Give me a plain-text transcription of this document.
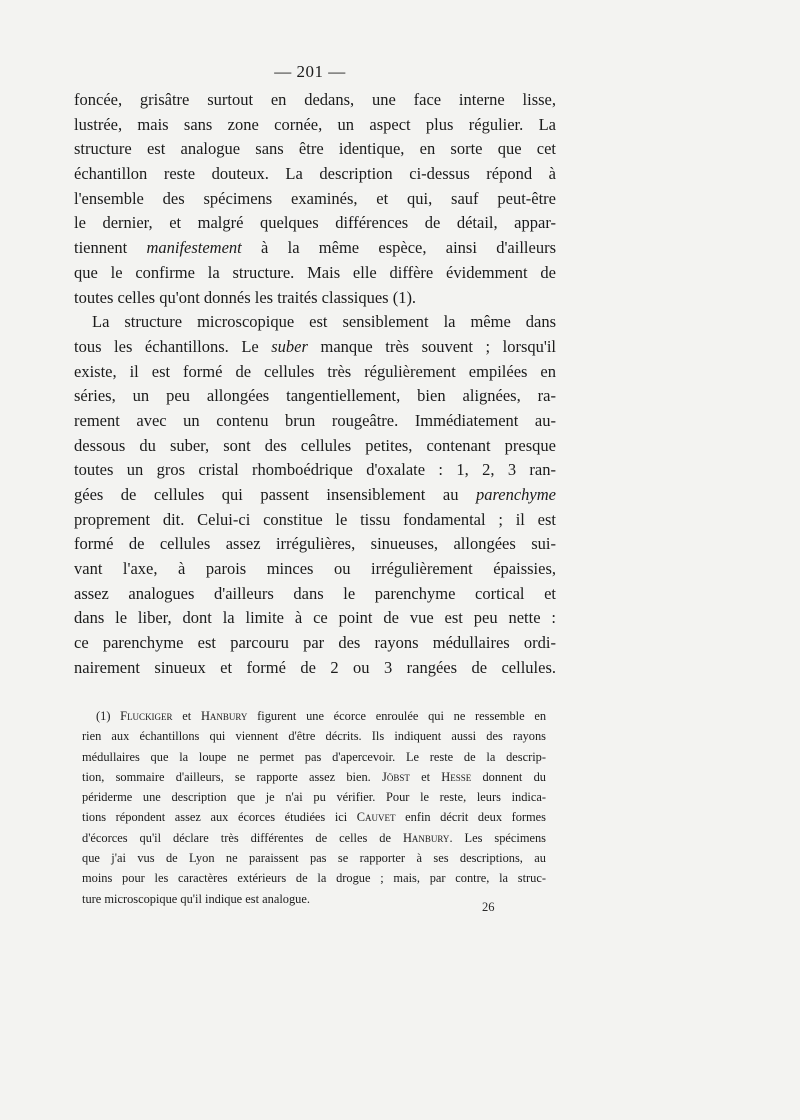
— 201 —
foncée, grisâtre surtout en dedans, une face interne lisse,
lustrée, mais sans zone cornée, un aspect plus régulier. La
structure est analogue sans être identique, en sorte que cet
échantillon reste douteux. La description ci-dessus répond à
l'ensemble des spécimens examinés, et qui, sauf peut-être
le dernier, et malgré quelques différences de détail, appar-
tiennent manifestement à la même espèce, ainsi d'ailleurs
que le confirme la structure. Mais elle diffère évidemment de
toutes celles qu'ont donnés les traités classiques (1).
La structure microscopique est sensiblement la même dans
tous les échantillons. Le suber manque très souvent ; lorsqu'il
existe, il est formé de cellules très régulièrement empilées en
séries, un peu allongées tangentiellement, bien alignées, ra-
rement avec un contenu brun rougeâtre. Immédiatement au-
dessous du suber, sont des cellules petites, contenant presque
toutes un gros cristal rhomboédrique d'oxalate : 1, 2, 3 ran-
gées de cellules qui passent insensiblement au parenchyme
proprement dit. Celui-ci constitue le tissu fondamental ; il est
formé de cellules assez irrégulières, sinueuses, allongées sui-
vant l'axe, à parois minces ou irrégulièrement épaissies,
assez analogues d'ailleurs dans le parenchyme cortical et
dans le liber, dont la limite à ce point de vue est peu nette :
ce parenchyme est parcouru par des rayons médullaires ordi-
nairement sinueux et formé de 2 ou 3 rangées de cellules.
(1) Fluckiger et Hanbury figurent une écorce enroulée qui ne ressemble en
rien aux échantillons qui viennent d'être décrits. Ils indiquent aussi des rayons
médullaires que la loupe ne permet pas d'apercevoir. Le reste de la descrip-
tion, sommaire d'ailleurs, se rapporte assez bien. Jöbst et Hesse donnent du
périderme une description que je n'ai pu vérifier. Pour le reste, leurs indica-
tions répondent assez aux écorces étudiées ici Cauvet enfin décrit deux formes
d'écorces qu'il déclare très différentes de celles de Hanbury. Les spécimens
que j'ai vus de Lyon ne paraissent pas se rapporter à ses descriptions, au
moins pour les caractères extérieurs de la drogue ; mais, par contre, la struc-
ture microscopique qu'il indique est analogue.
26
